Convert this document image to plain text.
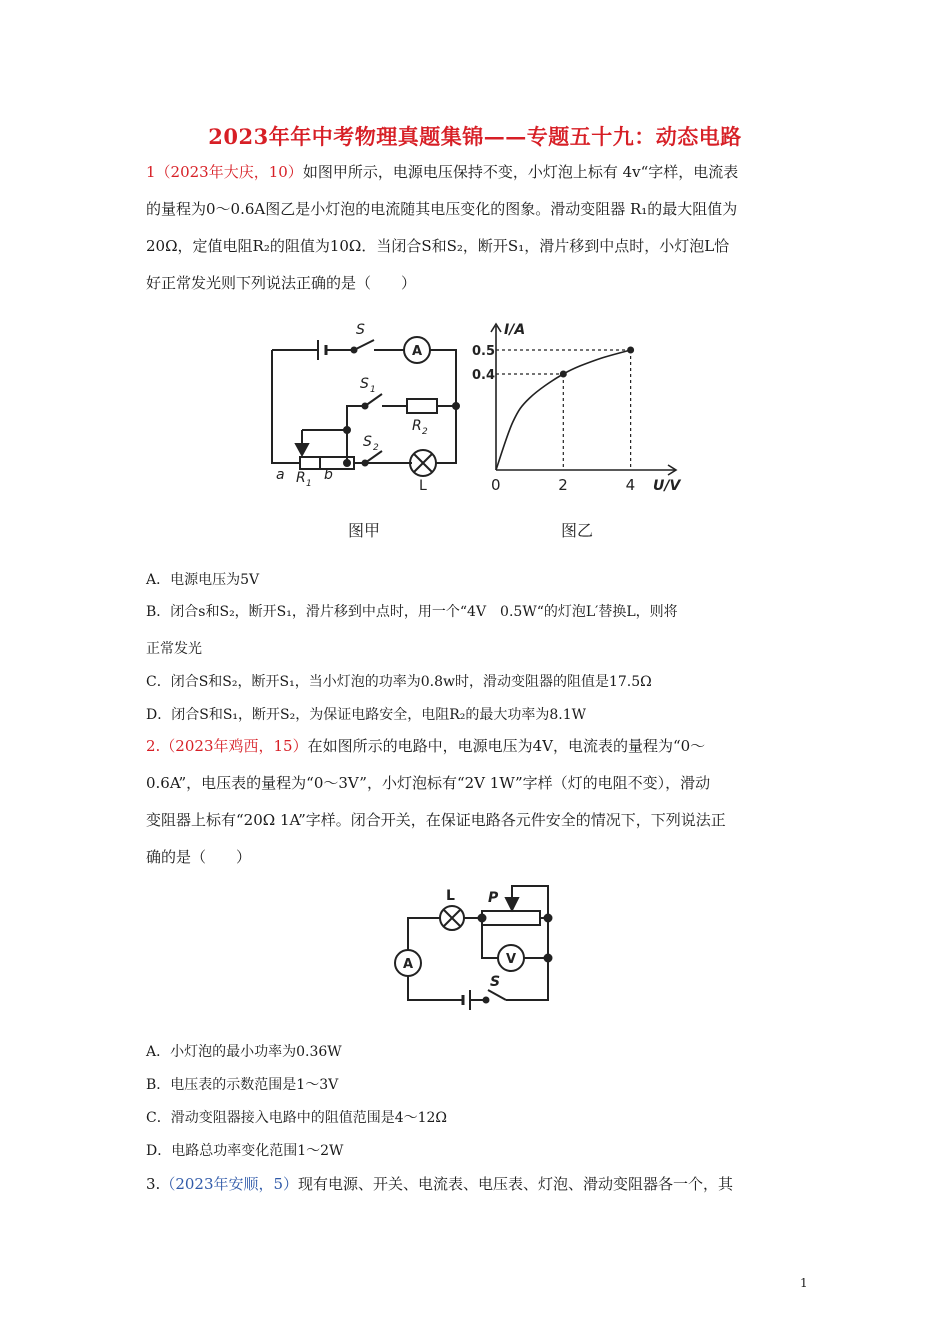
2023年年中考物理真题集锦——专题五十九：动态电路
1（2023年大庆，10）如图甲所示，电源电压保持不变，小灯泡上标有 4v“字样，电流表
的量程为0～0.6A图乙是小灯泡的电流随其电压变化的图象。滑动变阻器 R₁的最大阻值为
20Ω，定值电阻R₂的阻值为10Ω．当闭合S和S₂，断开S₁，滑片移到中点时，小灯泡L恰
好正常发光则下列说法正确的是（　　）
S
S 1
S 2
A
R 2
R 1
a	b
L
图甲
0	2	4
0.4
0.5
I/A
U/V
图乙
A．电源电压为5V
B．闭合s和S₂，断开S₁，滑片移到中点时，用一个“4V　0.5W“的灯泡L′替换L，则将
正常发光
C．闭合S和S₂，断开S₁，当小灯泡的功率为0.8w时，滑动变阻器的阻值是17.5Ω
D．闭合S和S₁，断开S₂，为保证电路安全，电阻R₂的最大功率为8.1W
2.（2023年鸡西，15）在如图所示的电路中，电源电压为4V，电流表的量程为“0～
0.6A”，电压表的量程为“0～3V”，小灯泡标有“2V 1W”字样（灯的电阻不变），滑动
变阻器上标有“20Ω 1A”字样。闭合开关，在保证电路各元件安全的情况下，下列说法正
确的是（　　）
L P
A	V
S
A．小灯泡的最小功率为0.36W
B．电压表的示数范围是1～3V
C．滑动变阻器接入电路中的阻值范围是4～12Ω
D．电路总功率变化范围1～2W
3.（2023年安顺，5）现有电源、开关、电流表、电压表、灯泡、滑动变阻器各一个，其
1
